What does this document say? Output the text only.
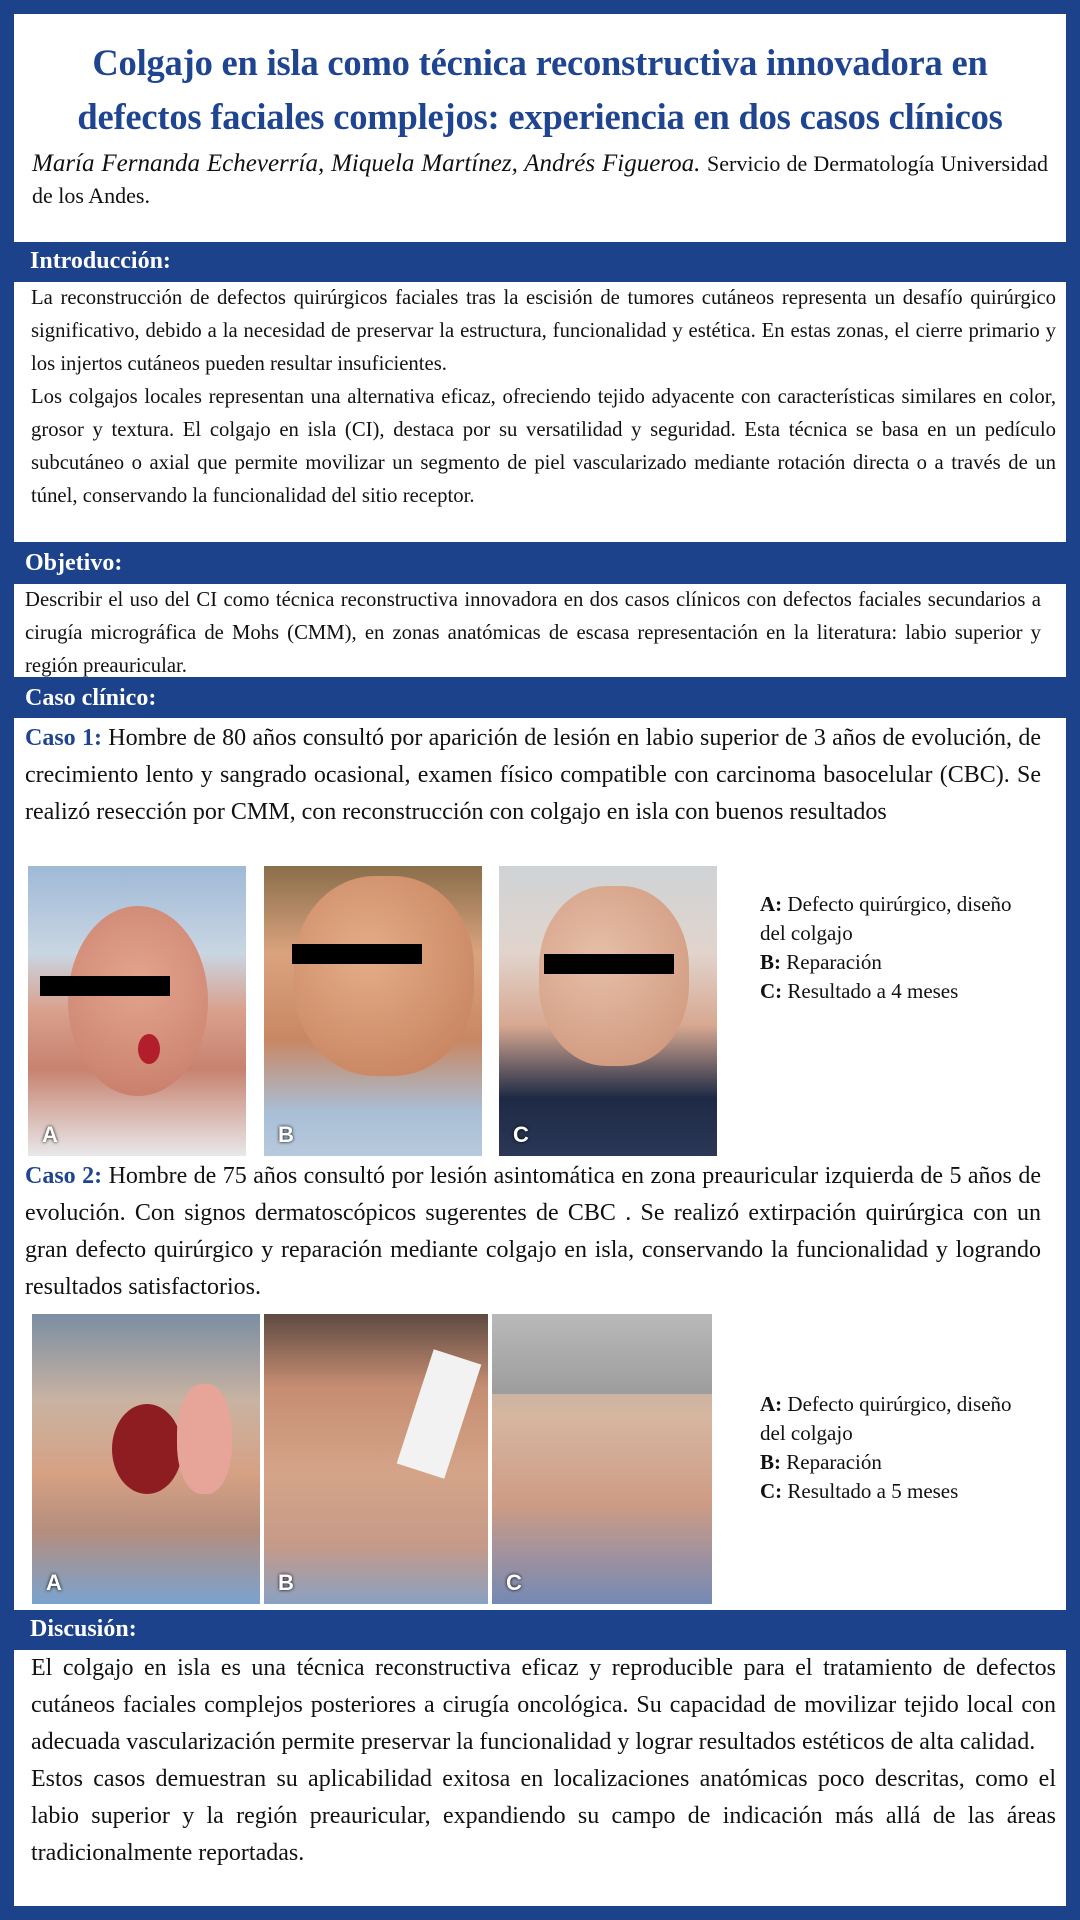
Colgajo en isla como técnica reconstructiva innovadora en defectos faciales complejos: experiencia en dos casos clínicos
María Fernanda Echeverría, Miquela Martínez, Andrés Figueroa. Servicio de Dermatología Universidad de los Andes.
Introducción:

La reconstrucción de defectos quirúrgicos faciales tras la escisión de tumores cutáneos representa un desafío quirúrgico significativo, debido a la necesidad de preservar la estructura, funcionalidad y estética. En estas zonas, el cierre primario y los injertos cutáneos pueden resultar insuficientes.

Los colgajos locales representan una alternativa eficaz, ofreciendo tejido adyacente con características similares en color, grosor y textura. El colgajo en isla (CI), destaca por su versatilidad y seguridad. Esta técnica se basa en un pedículo subcutáneo o axial que permite movilizar un segmento de piel vascularizado mediante rotación directa o a través de un túnel, conservando la funcionalidad del sitio receptor.

Objetivo:

Describir el uso del CI como técnica reconstructiva innovadora en dos casos clínicos con defectos faciales secundarios a cirugía micrográfica de Mohs (CMM), en zonas anatómicas de escasa representación en la literatura: labio superior y región preauricular.

Caso clínico:

Caso 1: Hombre de 80 años consultó por aparición de lesión en labio superior de 3 años de evolución, de crecimiento lento y sangrado ocasional, examen físico compatible con carcinoma basocelular (CBC). Se realizó resección por CMM, con reconstrucción con colgajo en isla con buenos resultados

A	B	C
A: Defecto quirúrgico, diseño del colgajo
B: Reparación
C: Resultado a 4 meses

Caso 2: Hombre de 75 años consultó por lesión asintomática en zona preauricular izquierda de 5 años de evolución. Con signos dermatoscópicos sugerentes de CBC . Se realizó extirpación quirúrgica con un gran defecto quirúrgico y reparación mediante colgajo en isla, conservando la funcionalidad y logrando resultados satisfactorios.

A	B	C
A: Defecto quirúrgico, diseño del colgajo
B: Reparación
C: Resultado a 5 meses
Discusión:

El colgajo en isla es una técnica reconstructiva eficaz y reproducible para el tratamiento de defectos cutáneos faciales complejos posteriores a cirugía oncológica. Su capacidad de movilizar tejido local con adecuada vascularización permite preservar la funcionalidad y lograr resultados estéticos de alta calidad.

Estos casos demuestran su aplicabilidad exitosa en localizaciones anatómicas poco descritas, como el labio superior y la región preauricular, expandiendo su campo de indicación más allá de las áreas tradicionalmente reportadas.
